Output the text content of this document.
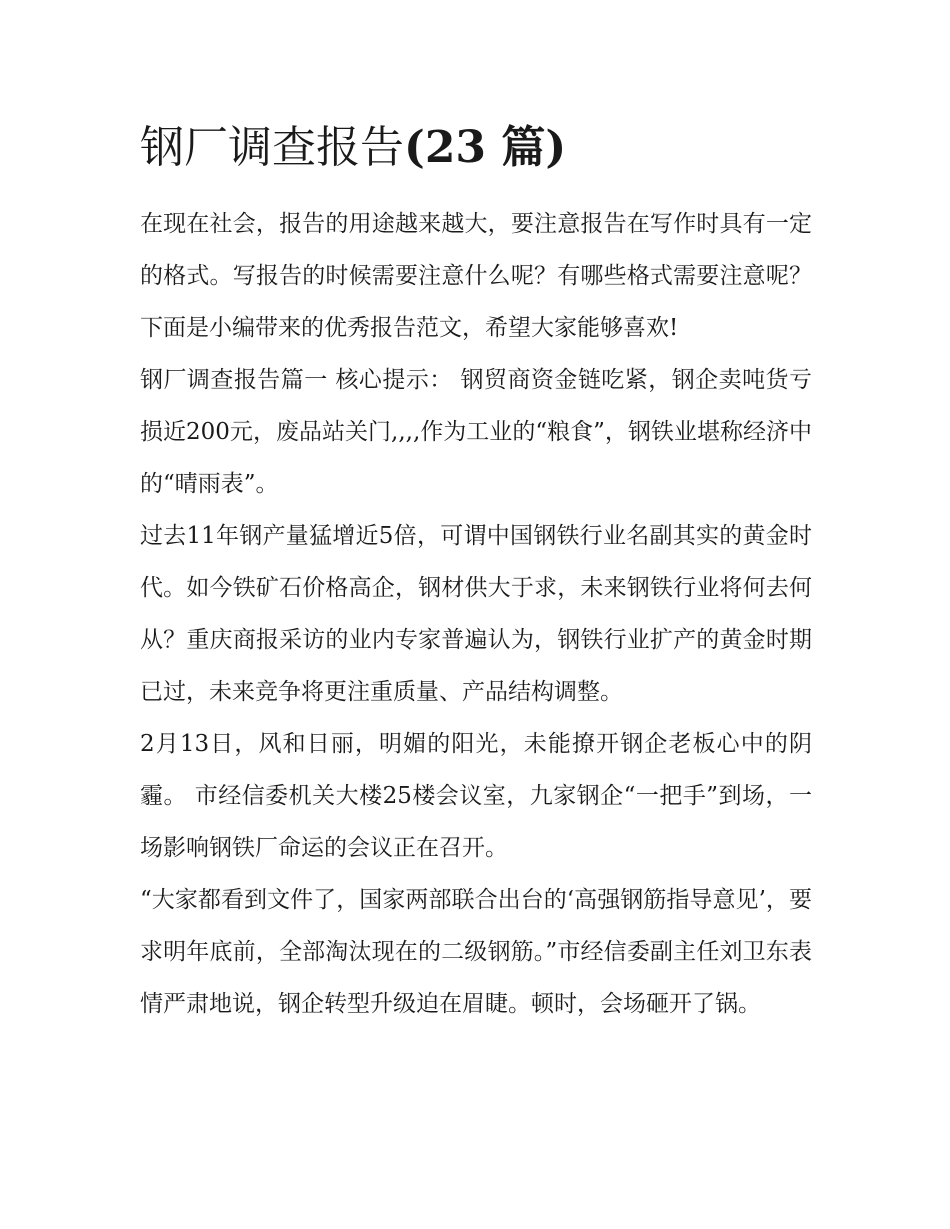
钢厂调查报告(23 篇)

在现在社会，报告的用途越来越大，要注意报告在写作时具有一定的格式。写报告的时候需要注意什么呢？有哪些格式需要注意呢？下面是小编带来的优秀报告范文，希望大家能够喜欢!

钢厂调查报告篇一 核心提示： 钢贸商资金链吃紧，钢企卖吨货亏损近200元，废品站关门,,,,作为工业的“粮食”，钢铁业堪称经济中的“晴雨表”。

过去11年钢产量猛增近5倍，可谓中国钢铁行业名副其实的黄金时代。如今铁矿石价格高企，钢材供大于求，未来钢铁行业将何去何从？重庆商报采访的业内专家普遍认为，钢铁行业扩产的黄金时期已过，未来竞争将更注重质量、产品结构调整。

2月13日，风和日丽，明媚的阳光，未能撩开钢企老板心中的阴霾。 市经信委机关大楼25楼会议室，九家钢企“一把手”到场，一场影响钢铁厂命运的会议正在召开。

“大家都看到文件了，国家两部联合出台的‘高强钢筋指导意见’，要求明年底前，全部淘汰现在的二级钢筋。”市经信委副主任刘卫东表情严肃地说，钢企转型升级迫在眉睫。顿时，会场砸开了锅。
